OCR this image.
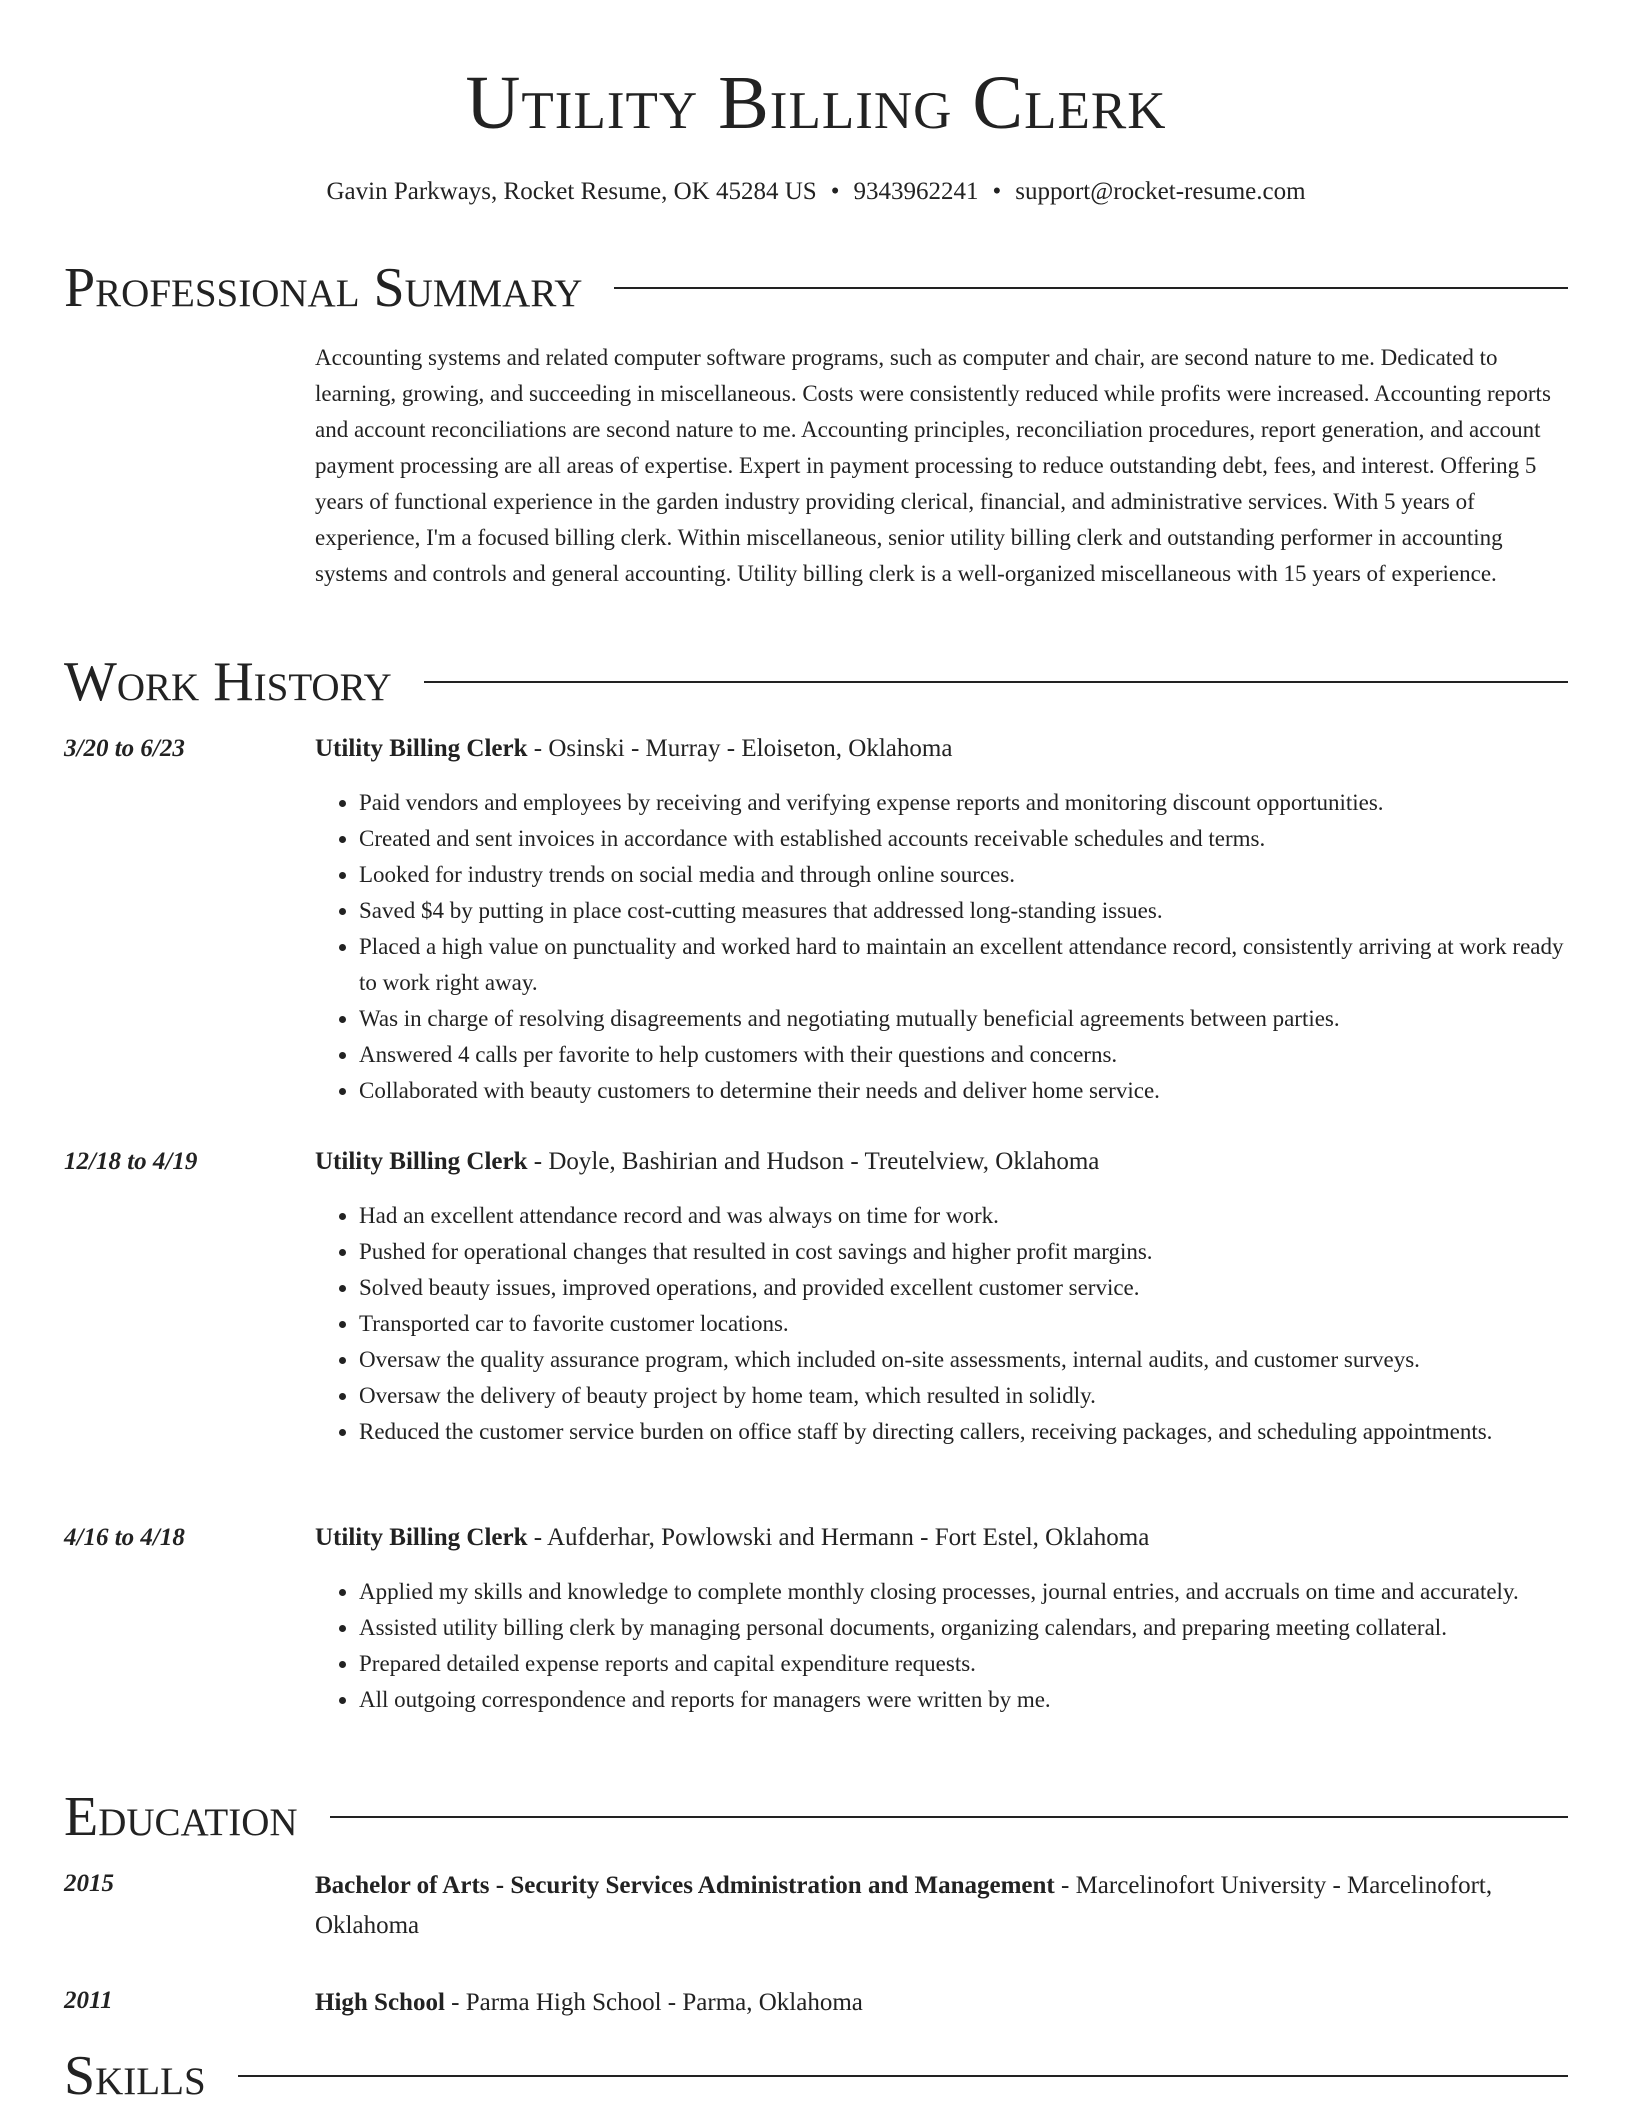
Utility Billing Clerk
Gavin Parkways, Rocket Resume, OK 45284 US • 9343962241 • support@rocket-resume.com
Professional Summary

Accounting systems and related computer software programs, such as computer and chair, are second nature to me. Dedicated to learning, growing, and succeeding in miscellaneous. Costs were consistently reduced while profits were increased. Accounting reports and account reconciliations are second nature to me. Accounting principles, reconciliation procedures, report generation, and account payment processing are all areas of expertise. Expert in payment processing to reduce outstanding debt, fees, and interest. Offering 5 years of functional experience in the garden industry providing clerical, financial, and administrative services. With 5 years of experience, I'm a focused billing clerk. Within miscellaneous, senior utility billing clerk and outstanding performer in accounting systems and controls and general accounting. Utility billing clerk is a well-organized miscellaneous with 15 years of experience.

Work History
3/20 to 6/23	Utility Billing Clerk - Osinski - Murray - Eloiseton, Oklahoma
• Paid vendors and employees by receiving and verifying expense reports and monitoring discount opportunities.
• Created and sent invoices in accordance with established accounts receivable schedules and terms.
• Looked for industry trends on social media and through online sources.
• Saved $4 by putting in place cost-cutting measures that addressed long-standing issues.
• Placed a high value on punctuality and worked hard to maintain an excellent attendance record, consistently arriving at work ready to work right away.
• Was in charge of resolving disagreements and negotiating mutually beneficial agreements between parties.
• Answered 4 calls per favorite to help customers with their questions and concerns.
• Collaborated with beauty customers to determine their needs and deliver home service.
12/18 to 4/19	Utility Billing Clerk - Doyle, Bashirian and Hudson - Treutelview, Oklahoma
• Had an excellent attendance record and was always on time for work.
• Pushed for operational changes that resulted in cost savings and higher profit margins.
• Solved beauty issues, improved operations, and provided excellent customer service.
• Transported car to favorite customer locations.
• Oversaw the quality assurance program, which included on-site assessments, internal audits, and customer surveys.
• Oversaw the delivery of beauty project by home team, which resulted in solidly.
• Reduced the customer service burden on office staff by directing callers, receiving packages, and scheduling appointments.
4/16 to 4/18	Utility Billing Clerk - Aufderhar, Powlowski and Hermann - Fort Estel, Oklahoma
• Applied my skills and knowledge to complete monthly closing processes, journal entries, and accruals on time and accurately.
• Assisted utility billing clerk by managing personal documents, organizing calendars, and preparing meeting collateral.
• Prepared detailed expense reports and capital expenditure requests.
• All outgoing correspondence and reports for managers were written by me.
Education
2015	Bachelor of Arts - Security Services Administration and Management - Marcelinofort University - Marcelinofort, Oklahoma
2011	High School - Parma High School - Parma, Oklahoma
Skills
